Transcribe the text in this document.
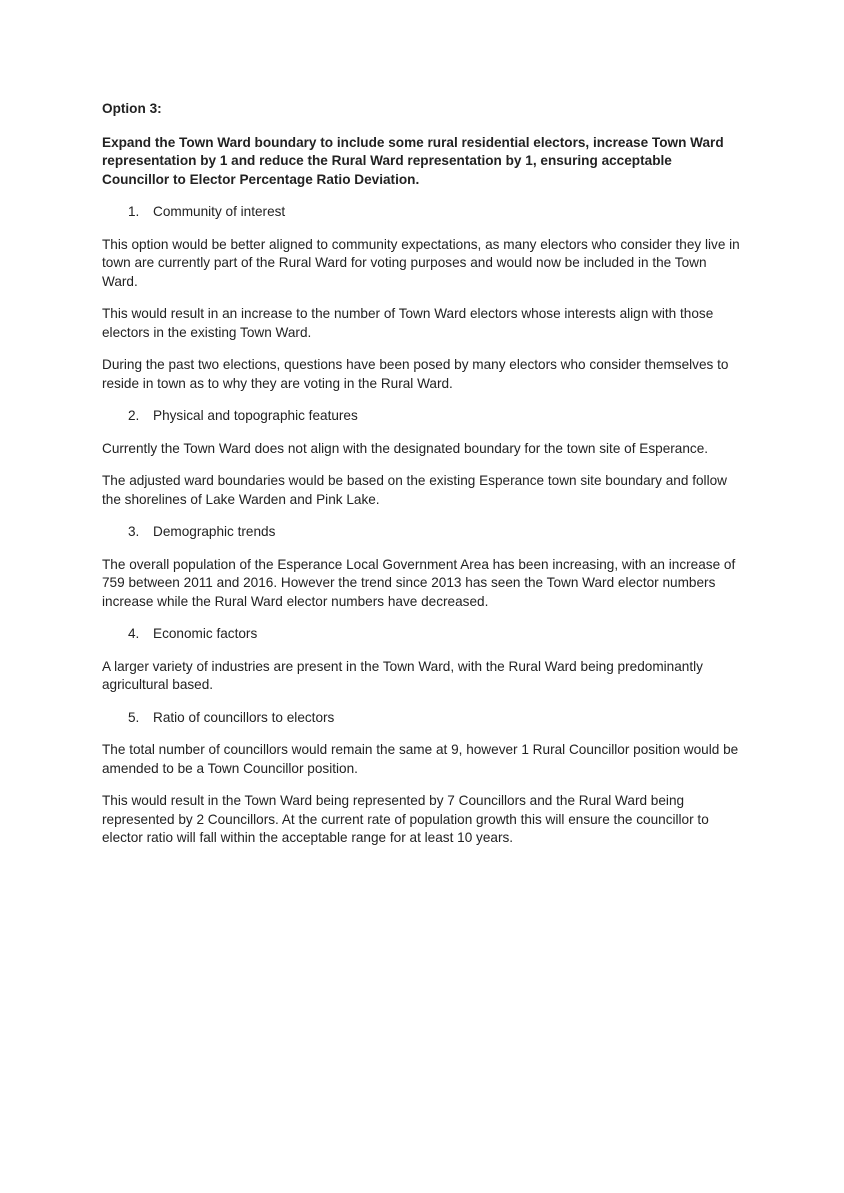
Option 3:

Expand the Town Ward boundary to include some rural residential electors, increase Town Ward representation by 1 and reduce the Rural Ward representation by 1, ensuring acceptable Councillor to Elector Percentage Ratio Deviation.

1.	Community of interest

This option would be better aligned to community expectations, as many electors who consider they live in town are currently part of the Rural Ward for voting purposes and would now be included in the Town Ward.

This would result in an increase to the number of Town Ward electors whose interests align with those electors in the existing Town Ward.

During the past two elections, questions have been posed by many electors who consider themselves to reside in town as to why they are voting in the Rural Ward.

2.	Physical and topographic features

Currently the Town Ward does not align with the designated boundary for the town site of Esperance.

The adjusted ward boundaries would be based on the existing Esperance town site boundary and follow the shorelines of Lake Warden and Pink Lake.

3.	Demographic trends

The overall population of the Esperance Local Government Area has been increasing, with an increase of 759 between 2011 and 2016. However the trend since 2013 has seen the Town Ward elector numbers increase while the Rural Ward elector numbers have decreased.

4.	Economic factors

A larger variety of industries are present in the Town Ward, with the Rural Ward being predominantly agricultural based.

5.	Ratio of councillors to electors

The total number of councillors would remain the same at 9, however 1 Rural Councillor position would be amended to be a Town Councillor position.

This would result in the Town Ward being represented by 7 Councillors and the Rural Ward being represented by 2 Councillors. At the current rate of population growth this will ensure the councillor to elector ratio will fall within the acceptable range for at least 10 years.
